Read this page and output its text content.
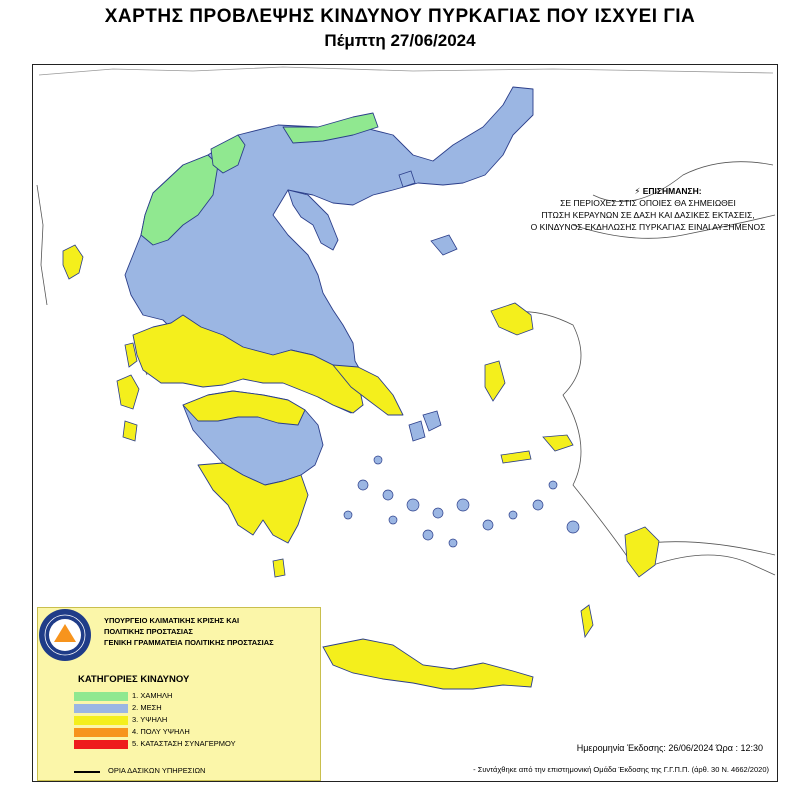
ΧΑΡΤΗΣ ΠΡΟΒΛΕΨΗΣ ΚΙΝΔΥΝΟΥ ΠΥΡΚΑΓΙΑΣ ΠΟΥ ΙΣΧΥΕΙ ΓΙΑ
Πέμπτη 27/06/2024
⚡ ΕΠΙΣΗΜΑΝΣΗ:
ΣΕ ΠΕΡΙΟΧΕΣ ΣΤΙΣ ΟΠΟΙΕΣ ΘΑ ΣΗΜΕΙΩΘΕΙ
ΠΤΩΣΗ ΚΕΡΑΥΝΩΝ ΣΕ ΔΑΣΗ ΚΑΙ ΔΑΣΙΚΕΣ ΕΚΤΑΣΕΙΣ,
Ο ΚΙΝΔΥΝΟΣ ΕΚΔΗΛΩΣΗΣ ΠΥΡΚΑΓΙΑΣ ΕΙΝΑΙ ΑΥΞΗΜΕΝΟΣ
ΥΠΟΥΡΓΕΙΟ ΚΛΙΜΑΤΙΚΗΣ ΚΡΙΣΗΣ ΚΑΙ
ΠΟΛΙΤΙΚΗΣ ΠΡΟΣΤΑΣΙΑΣ
ΓΕΝΙΚΗ ΓΡΑΜΜΑΤΕΙΑ ΠΟΛΙΤΙΚΗΣ ΠΡΟΣΤΑΣΙΑΣ
ΚΑΤΗΓΟΡΙΕΣ ΚΙΝΔΥΝΟΥ
1. ΧΑΜΗΛΗ
2. ΜΕΣΗ
3. ΥΨΗΛΗ
4. ΠΟΛΥ ΥΨΗΛΗ
5. ΚΑΤΑΣΤΑΣΗ ΣΥΝΑΓΕΡΜΟΥ
ΟΡΙΑ ΔΑΣΙΚΩΝ ΥΠΗΡΕΣΙΩΝ
Ημερομηνία Έκδοσης: 26/06/2024 Ώρα : 12:30
- Συντάχθηκε από την επιστημονική Ομάδα Έκδοσης της Γ.Γ.Π.Π. (άρθ. 30 Ν. 4662/2020)
